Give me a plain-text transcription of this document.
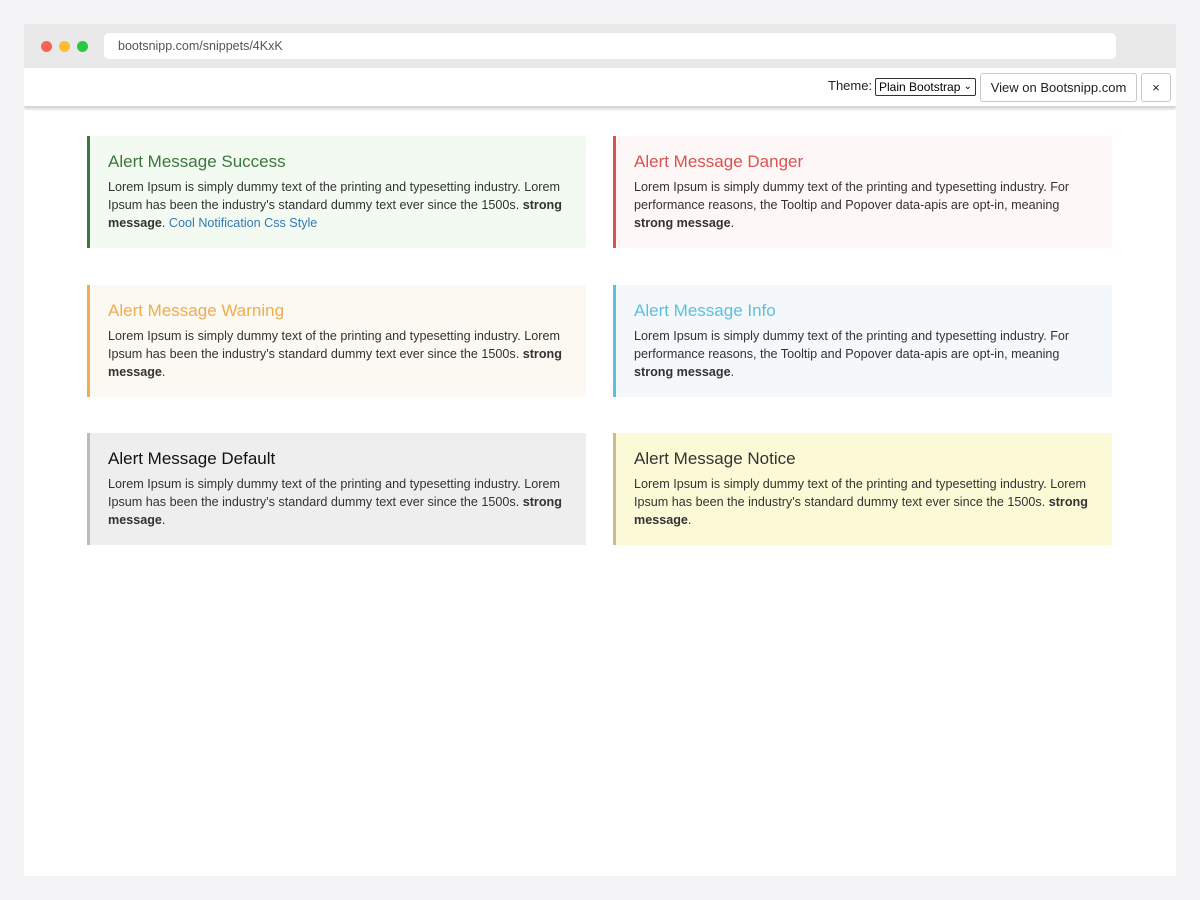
bootsnipp.com/snippets/4KxK
Theme: Plain Bootstrap ⌄	View on Bootsnipp.com	×
Alert Message Success
Lorem Ipsum is simply dummy text of the printing and typesetting industry. Lorem Ipsum has been the industry's standard dummy text ever since the 1500s. strong message. Cool Notification Css Style
Alert Message Danger
Lorem Ipsum is simply dummy text of the printing and typesetting industry. For performance reasons, the Tooltip and Popover data-apis are opt-in, meaning strong message.
Alert Message Warning
Lorem Ipsum is simply dummy text of the printing and typesetting industry. Lorem Ipsum has been the industry's standard dummy text ever since the 1500s. strong message.
Alert Message Info
Lorem Ipsum is simply dummy text of the printing and typesetting industry. For performance reasons, the Tooltip and Popover data-apis are opt-in, meaning strong message.
Alert Message Default
Lorem Ipsum is simply dummy text of the printing and typesetting industry. Lorem Ipsum has been the industry's standard dummy text ever since the 1500s. strong message.
Alert Message Notice
Lorem Ipsum is simply dummy text of the printing and typesetting industry. Lorem Ipsum has been the industry's standard dummy text ever since the 1500s. strong message.
